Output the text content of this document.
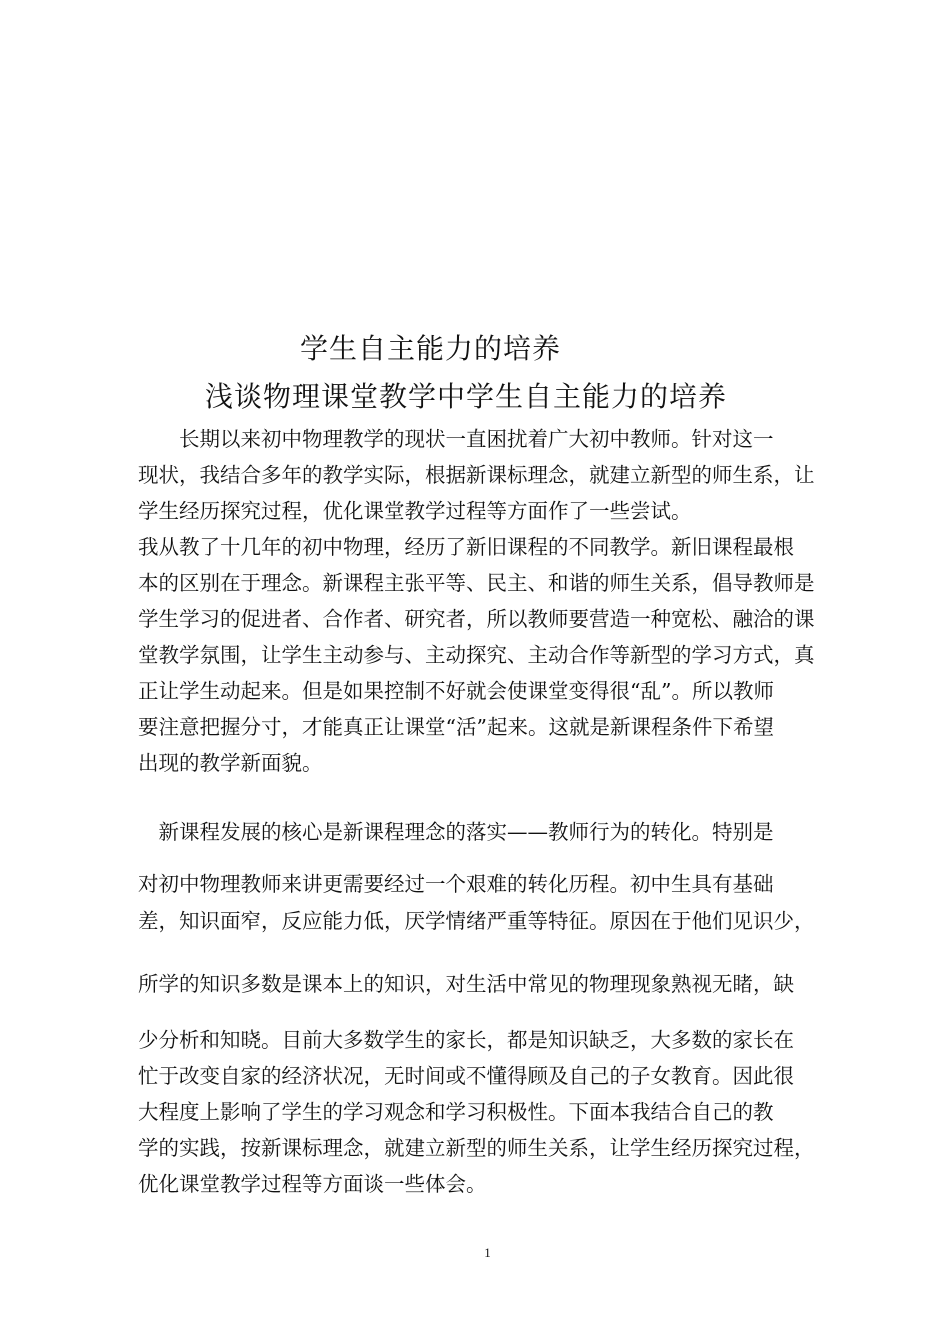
学生自主能力的培养
浅谈物理课堂教学中学生自主能力的培养
　　长期以来初中物理教学的现状一直困扰着广大初中教师。针对这一
现状，我结合多年的教学实际，根据新课标理念，就建立新型的师生系，让
学生经历探究过程，优化课堂教学过程等方面作了一些尝试。
我从教了十几年的初中物理，经历了新旧课程的不同教学。新旧课程最根
本的区别在于理念。新课程主张平等、民主、和谐的师生关系，倡导教师是
学生学习的促进者、合作者、研究者，所以教师要营造一种宽松、融洽的课
堂教学氛围，让学生主动参与、主动探究、主动合作等新型的学习方式，真
正让学生动起来。但是如果控制不好就会使课堂变得很“乱”。所以教师
要注意把握分寸，才能真正让课堂“活”起来。这就是新课程条件下希望
出现的教学新面貌。
　新课程发展的核心是新课程理念的落实——教师行为的转化。特别是
对初中物理教师来讲更需要经过一个艰难的转化历程。初中生具有基础
差，知识面窄，反应能力低，厌学情绪严重等特征。原因在于他们见识少，
所学的知识多数是课本上的知识，对生活中常见的物理现象熟视无睹，缺
少分析和知晓。目前大多数学生的家长，都是知识缺乏，大多数的家长在
忙于改变自家的经济状况，无时间或不懂得顾及自己的子女教育。因此很
大程度上影响了学生的学习观念和学习积极性。下面本我结合自己的教
学的实践，按新课标理念，就建立新型的师生关系，让学生经历探究过程，
优化课堂教学过程等方面谈一些体会。
1
